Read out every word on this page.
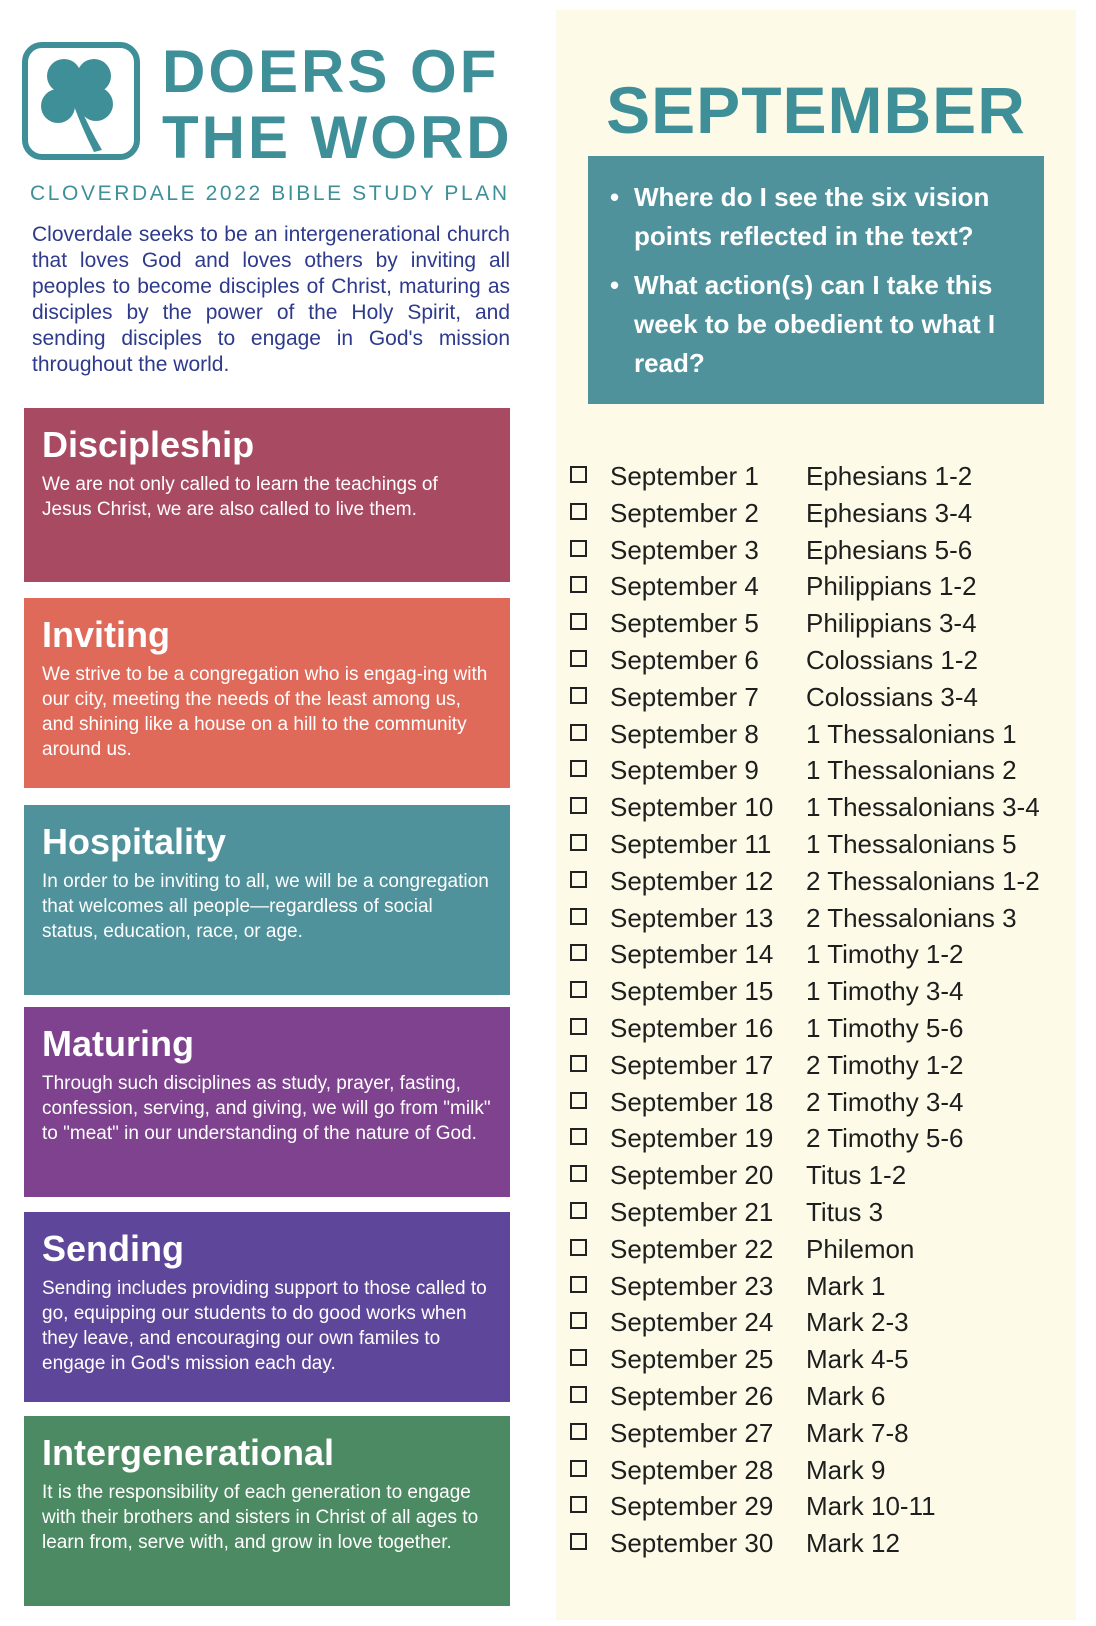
DOERS OF
THE WORD
CLOVERDALE 2022 BIBLE STUDY PLAN
Cloverdale seeks to be an intergenerational church that loves God and loves others by inviting all peoples to become disciples of Christ, maturing as disciples by the power of the Holy Spirit, and sending disciples to engage in God's mission throughout the world.
Discipleship
We are not only called to learn the teachings of Jesus Christ, we are also called to live them.
Inviting
We strive to be a congregation who is engag-ing with our city, meeting the needs of the least among us, and shining like a house on a hill to the community around us.
Hospitality
In order to be inviting to all, we will be a congregation that welcomes all people—regardless of social status, education, race, or age.
Maturing
Through such disciplines as study, prayer, fasting, confession, serving, and giving, we will go from "milk" to "meat" in our understanding of the nature of God.
Sending
Sending includes providing support to those called to go, equipping our students to do good works when they leave, and encouraging our own familes to engage in God's mission each day.
Intergenerational
It is the responsibility of each generation to engage with their brothers and sisters in Christ of all ages to learn from, serve with, and grow in love together.
SEPTEMBER
• Where do I see the six vision points reflected in the text?
• What action(s) can I take this week to be obedient to what I read?
September 1 Ephesians 1-2
September 2 Ephesians 3-4
September 3 Ephesians 5-6
September 4 Philippians 1-2
September 5 Philippians 3-4
September 6 Colossians 1-2
September 7 Colossians 3-4
September 8 1 Thessalonians 1
September 9 1 Thessalonians 2
September 10 1 Thessalonians 3-4
September 11 1 Thessalonians 5
September 12 2 Thessalonians 1-2
September 13 2 Thessalonians 3
September 14 1 Timothy 1-2
September 15 1 Timothy 3-4
September 16 1 Timothy 5-6
September 17 2 Timothy 1-2
September 18 2 Timothy 3-4
September 19 2 Timothy 5-6
September 20 Titus 1-2
September 21 Titus 3
September 22 Philemon
September 23 Mark 1
September 24 Mark 2-3
September 25 Mark 4-5
September 26 Mark 6
September 27 Mark 7-8
September 28 Mark 9
September 29 Mark 10-11
September 30 Mark 12
